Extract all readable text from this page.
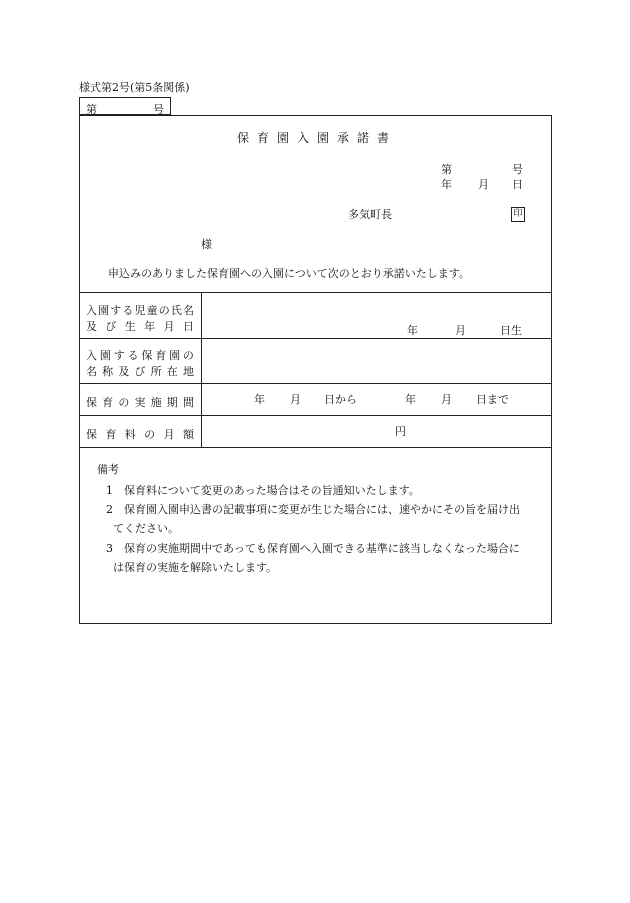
様式第2号(第5条関係)
第	号
保育園入園承諾書
第	号
年 月 日
多気町長	印
様
申込みのありました保育園への入園について次のとおり承諾いたします。
入 園 す る 児 童 の 氏 名
及 び 生 年 月 日	年	月	日生
入 園 す る 保 育 園 の
名 称 及 び 所 在 地
保 育 の 実 施 期 間	年 月 日から	年 月 日まで
保 育 料 の 月 額	円
備考
1 保育料について変更のあった場合はその旨通知いたします。
2 保育園入園申込書の記載事項に変更が生じた場合には、速やかにその旨を届け出
てください。
3 保育の実施期間中であっても保育園へ入園できる基準に該当しなくなった場合に
は保育の実施を解除いたします。
